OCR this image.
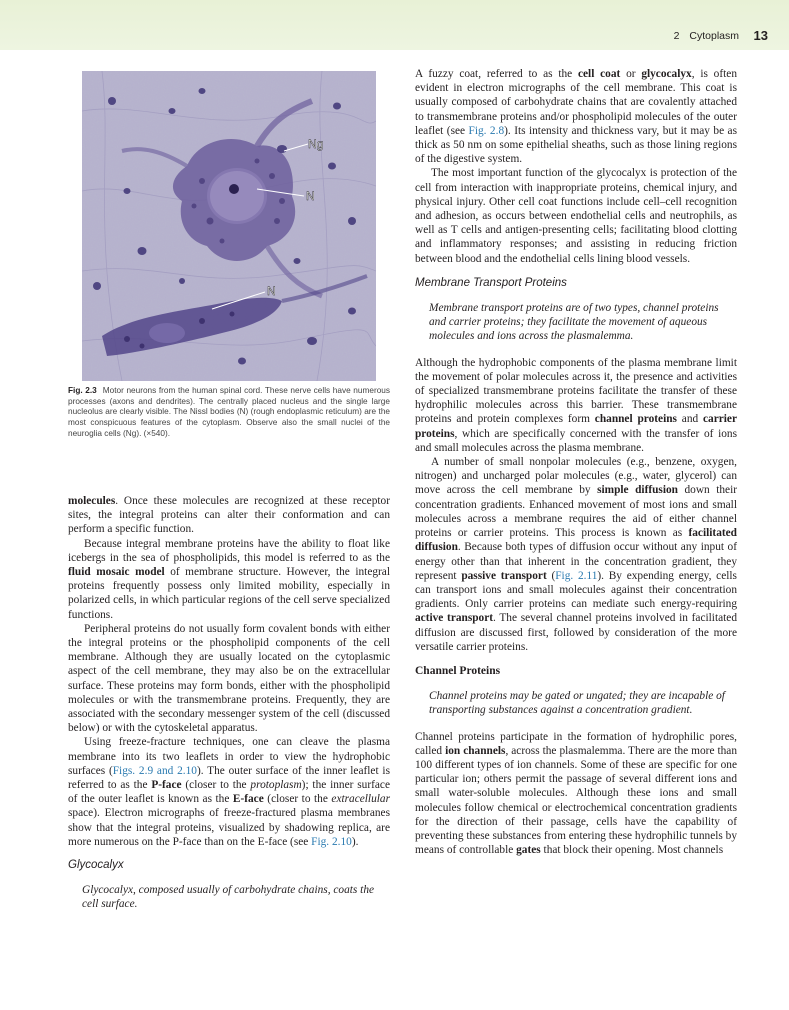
2 Cytoplasm 13
Ng
N
N
Fig. 2.3 Motor neurons from the human spinal cord. These nerve cells have numerous processes (axons and dendrites). The centrally placed nucleus and the single large nucleolus are clearly visible. The Nissl bodies (N) (rough endoplasmic reticulum) are the most conspicuous features of the cytoplasm. Observe also the small nuclei of the neuroglia cells (Ng). (×540).

molecules. Once these molecules are recognized at these receptor sites, the integral proteins can alter their conformation and can perform a specific function.

Because integral membrane proteins have the ability to float like icebergs in the sea of phospholipids, this model is referred to as the fluid mosaic model of membrane structure. However, the integral proteins frequently possess only limited mobility, especially in polarized cells, in which particular regions of the cell serve specialized functions.

Peripheral proteins do not usually form covalent bonds with either the integral proteins or the phospholipid components of the cell membrane. Although they are usually located on the cytoplasmic aspect of the cell membrane, they may also be on the extracellular surface. These proteins may form bonds, either with the phospholipid molecules or with the transmembrane proteins. Frequently, they are associated with the secondary messenger system of the cell (discussed below) or with the cytoskeletal apparatus.

Using freeze-fracture techniques, one can cleave the plasma membrane into its two leaflets in order to view the hydrophobic surfaces (Figs. 2.9 and 2.10). The outer surface of the inner leaflet is referred to as the P-face (closer to the protoplasm); the inner surface of the outer leaflet is known as the E-face (closer to the extracellular space). Electron micrographs of freeze-fractured plasma membranes show that the integral proteins, visualized by shadowing replica, are more numerous on the P-face than on the E-face (see Fig. 2.10).

Glycocalyx
Glycocalyx, composed usually of carbohydrate chains, coats the cell surface.

A fuzzy coat, referred to as the cell coat or glycocalyx, is often evident in electron micrographs of the cell membrane. This coat is usually composed of carbohydrate chains that are covalently attached to transmembrane proteins and/or phospholipid molecules of the outer leaflet (see Fig. 2.8). Its intensity and thickness vary, but it may be as thick as 50 nm on some epithelial sheaths, such as those lining regions of the digestive system.

The most important function of the glycocalyx is protection of the cell from interaction with inappropriate proteins, chemical injury, and physical injury. Other cell coat functions include cell–cell recognition and adhesion, as occurs between endothelial cells and neutrophils, as well as T cells and antigen-presenting cells; facilitating blood clotting and inflammatory responses; and assisting in reducing friction between blood and the endothelial cells lining blood vessels.

Membrane Transport Proteins
Membrane transport proteins are of two types, channel proteins and carrier proteins; they facilitate the movement of aqueous molecules and ions across the plasmalemma.

Although the hydrophobic components of the plasma membrane limit the movement of polar molecules across it, the presence and activities of specialized transmembrane proteins facilitate the transfer of these hydrophilic molecules across this barrier. These transmembrane proteins and protein complexes form channel proteins and carrier proteins, which are specifically concerned with the transfer of ions and small molecules across the plasma membrane.

A number of small nonpolar molecules (e.g., benzene, oxygen, nitrogen) and uncharged polar molecules (e.g., water, glycerol) can move across the cell membrane by simple diffusion down their concentration gradients. Enhanced movement of most ions and small molecules across a membrane requires the aid of either channel proteins or carrier proteins. This process is known as facilitated diffusion. Because both types of diffusion occur without any input of energy other than that inherent in the concentration gradient, they represent passive transport (Fig. 2.11). By expending energy, cells can transport ions and small molecules against their concentration gradients. Only carrier proteins can mediate such energy-requiring active transport. The several channel proteins involved in facilitated diffusion are discussed first, followed by consideration of the more versatile carrier proteins.

Channel Proteins
Channel proteins may be gated or ungated; they are incapable of transporting substances against a concentration gradient.

Channel proteins participate in the formation of hydrophilic pores, called ion channels, across the plasmalemma. There are the more than 100 different types of ion channels. Some of these are specific for one particular ion; others permit the passage of several different ions and small water-soluble molecules. Although these ions and small molecules follow chemical or electrochemical concentration gradients for the direction of their passage, cells have the capability of preventing these substances from entering these hydrophilic tunnels by means of controllable gates that block their opening. Most channels
